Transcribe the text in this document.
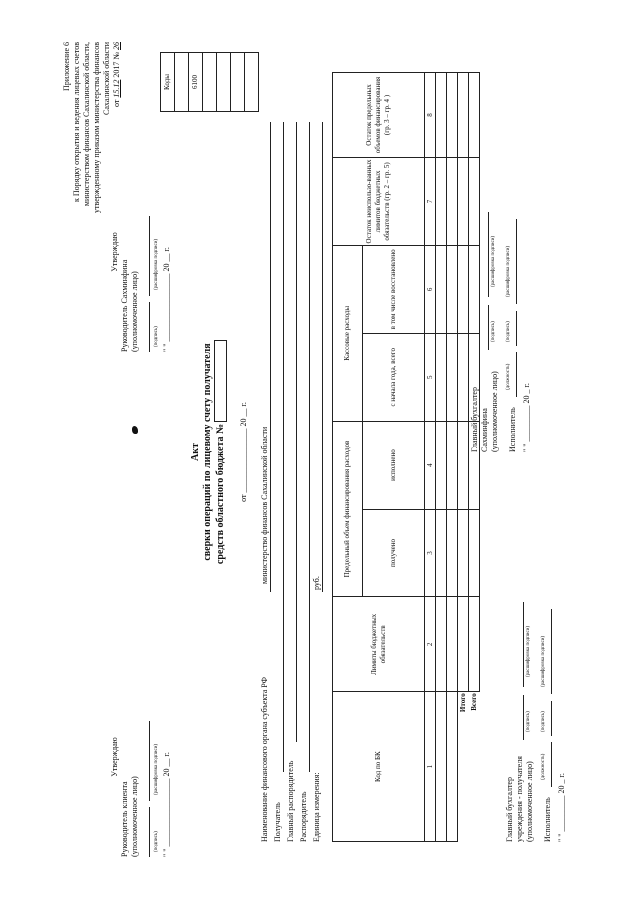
Приложение 6 к Порядку открытия и ведения лицевых счетов министерством финансов Сахалинской области, утвержденному приказом министерства финансов Сахалинской области от 15.12 2017 № 26
Утверждаю
Руководитель клиента (уполномоченное лицо)	(подпись)
(расшифровка подписи) " " _________________ 20 __ г.
Утверждаю
Руководитель Сахминфина (уполномоченное лицо)	(подпись)
(расшифровка подписи) " " _________________ 20 __ г.
Акт сверки операций по лицевому счету получателя средств областного бюджета № от ________________ 20 __ г.
Коды

6100

Наименование финансового органа субъекта РФ
министерство финансов Сахалинской области
Получатель Главный распорядитель Распорядитель Единица измерения:
руб.
Код по БК	Лимиты бюджетных обязательств	Предельный объем финансирования расходов		Кассовые расходы		Остаток неиспользо-ванных лимитов бюджетных обязательств (гр. 2 – гр. 5)	Остаток предельных объемов финансирования (гр. 3 – гр. 4 )
		получено	исполнено	с начала года, всего	в том числе восстановлено		
1	2	3	4	5	6	7	8

Итого							
Всего							
Главный бухгалтер учреждения - получателя (уполномоченное лицо)
(подпись)
(расшифровка подписи)
Исполнитель
(должность)
(подпись)
(расшифровка подписи)
" " _________ 20 _ г.
Главный бухгалтер Сахминфина (уполномоченное лицо)
(подпись)
(расшифровка подписи)
Исполнитель
(должность)
(подпись)
(расшифровка подписи)
" " _________ 20 _ г.
